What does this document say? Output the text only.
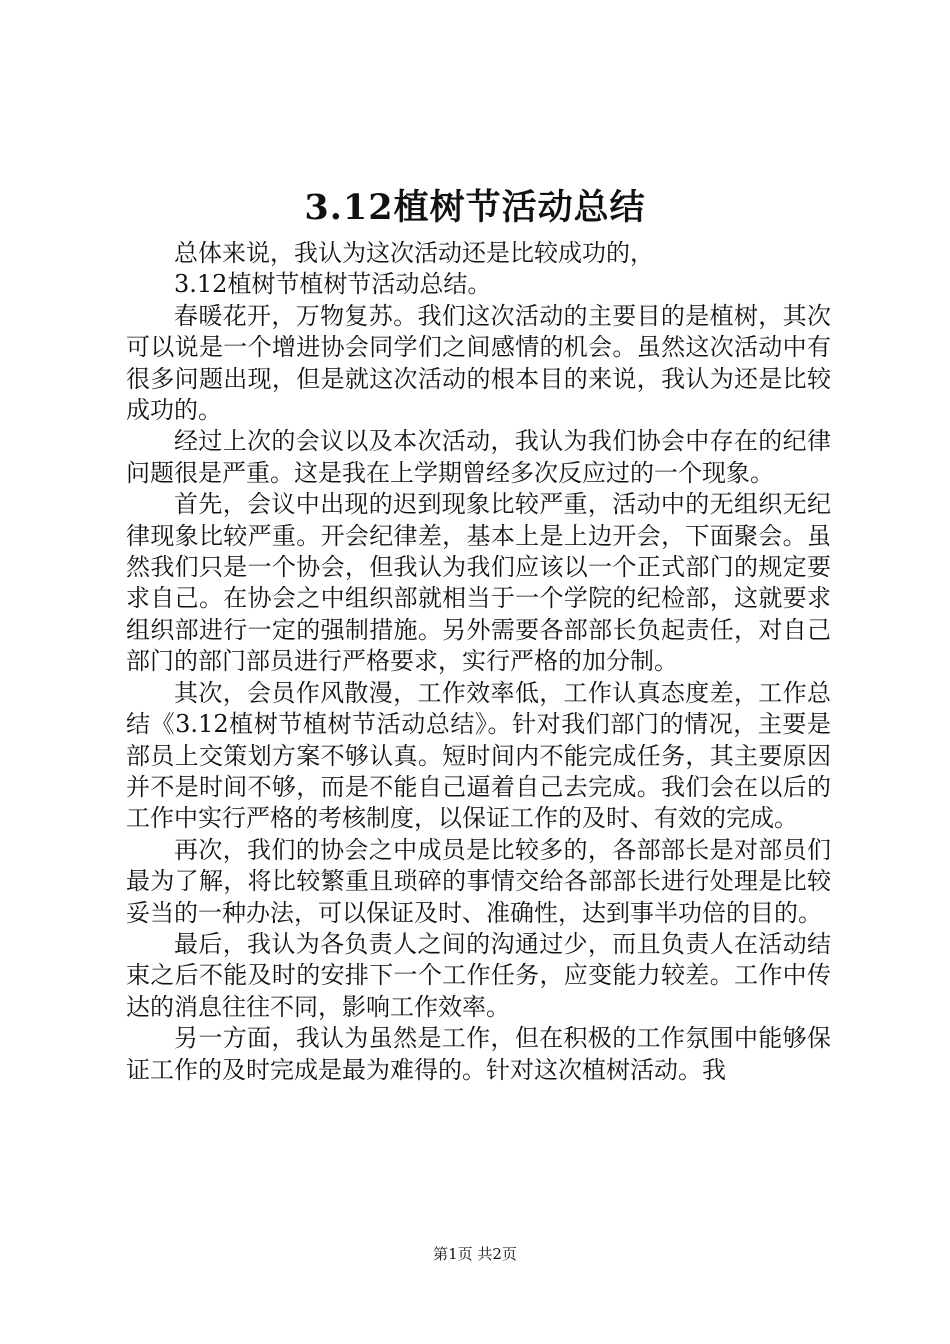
3.12植树节活动总结

总体来说，我认为这次活动还是比较成功的，

3.12植树节植树节活动总结。

春暖花开，万物复苏。我们这次活动的主要目的是植树，其次可以说是一个增进协会同学们之间感情的机会。虽然这次活动中有很多问题出现，但是就这次活动的根本目的来说，我认为还是比较成功的。

经过上次的会议以及本次活动，我认为我们协会中存在的纪律问题很是严重。这是我在上学期曾经多次反应过的一个现象。

首先，会议中出现的迟到现象比较严重，活动中的无组织无纪律现象比较严重。开会纪律差，基本上是上边开会，下面聚会。虽然我们只是一个协会，但我认为我们应该以一个正式部门的规定要求自己。在协会之中组织部就相当于一个学院的纪检部，这就要求组织部进行一定的强制措施。另外需要各部部长负起责任，对自己部门的部门部员进行严格要求，实行严格的加分制。

其次，会员作风散漫，工作效率低，工作认真态度差，工作总结《3.12植树节植树节活动总结》。针对我们部门的情况，主要是部员上交策划方案不够认真。短时间内不能完成任务，其主要原因并不是时间不够，而是不能自己逼着自己去完成。我们会在以后的工作中实行严格的考核制度，以保证工作的及时、有效的完成。

再次，我们的协会之中成员是比较多的，各部部长是对部员们最为了解，将比较繁重且琐碎的事情交给各部部长进行处理是比较妥当的一种办法，可以保证及时、准确性，达到事半功倍的目的。

最后，我认为各负责人之间的沟通过少，而且负责人在活动结束之后不能及时的安排下一个工作任务，应变能力较差。工作中传达的消息往往不同，影响工作效率。

另一方面，我认为虽然是工作，但在积极的工作氛围中能够保证工作的及时完成是最为难得的。针对这次植树活动。我

第1页 共2页
